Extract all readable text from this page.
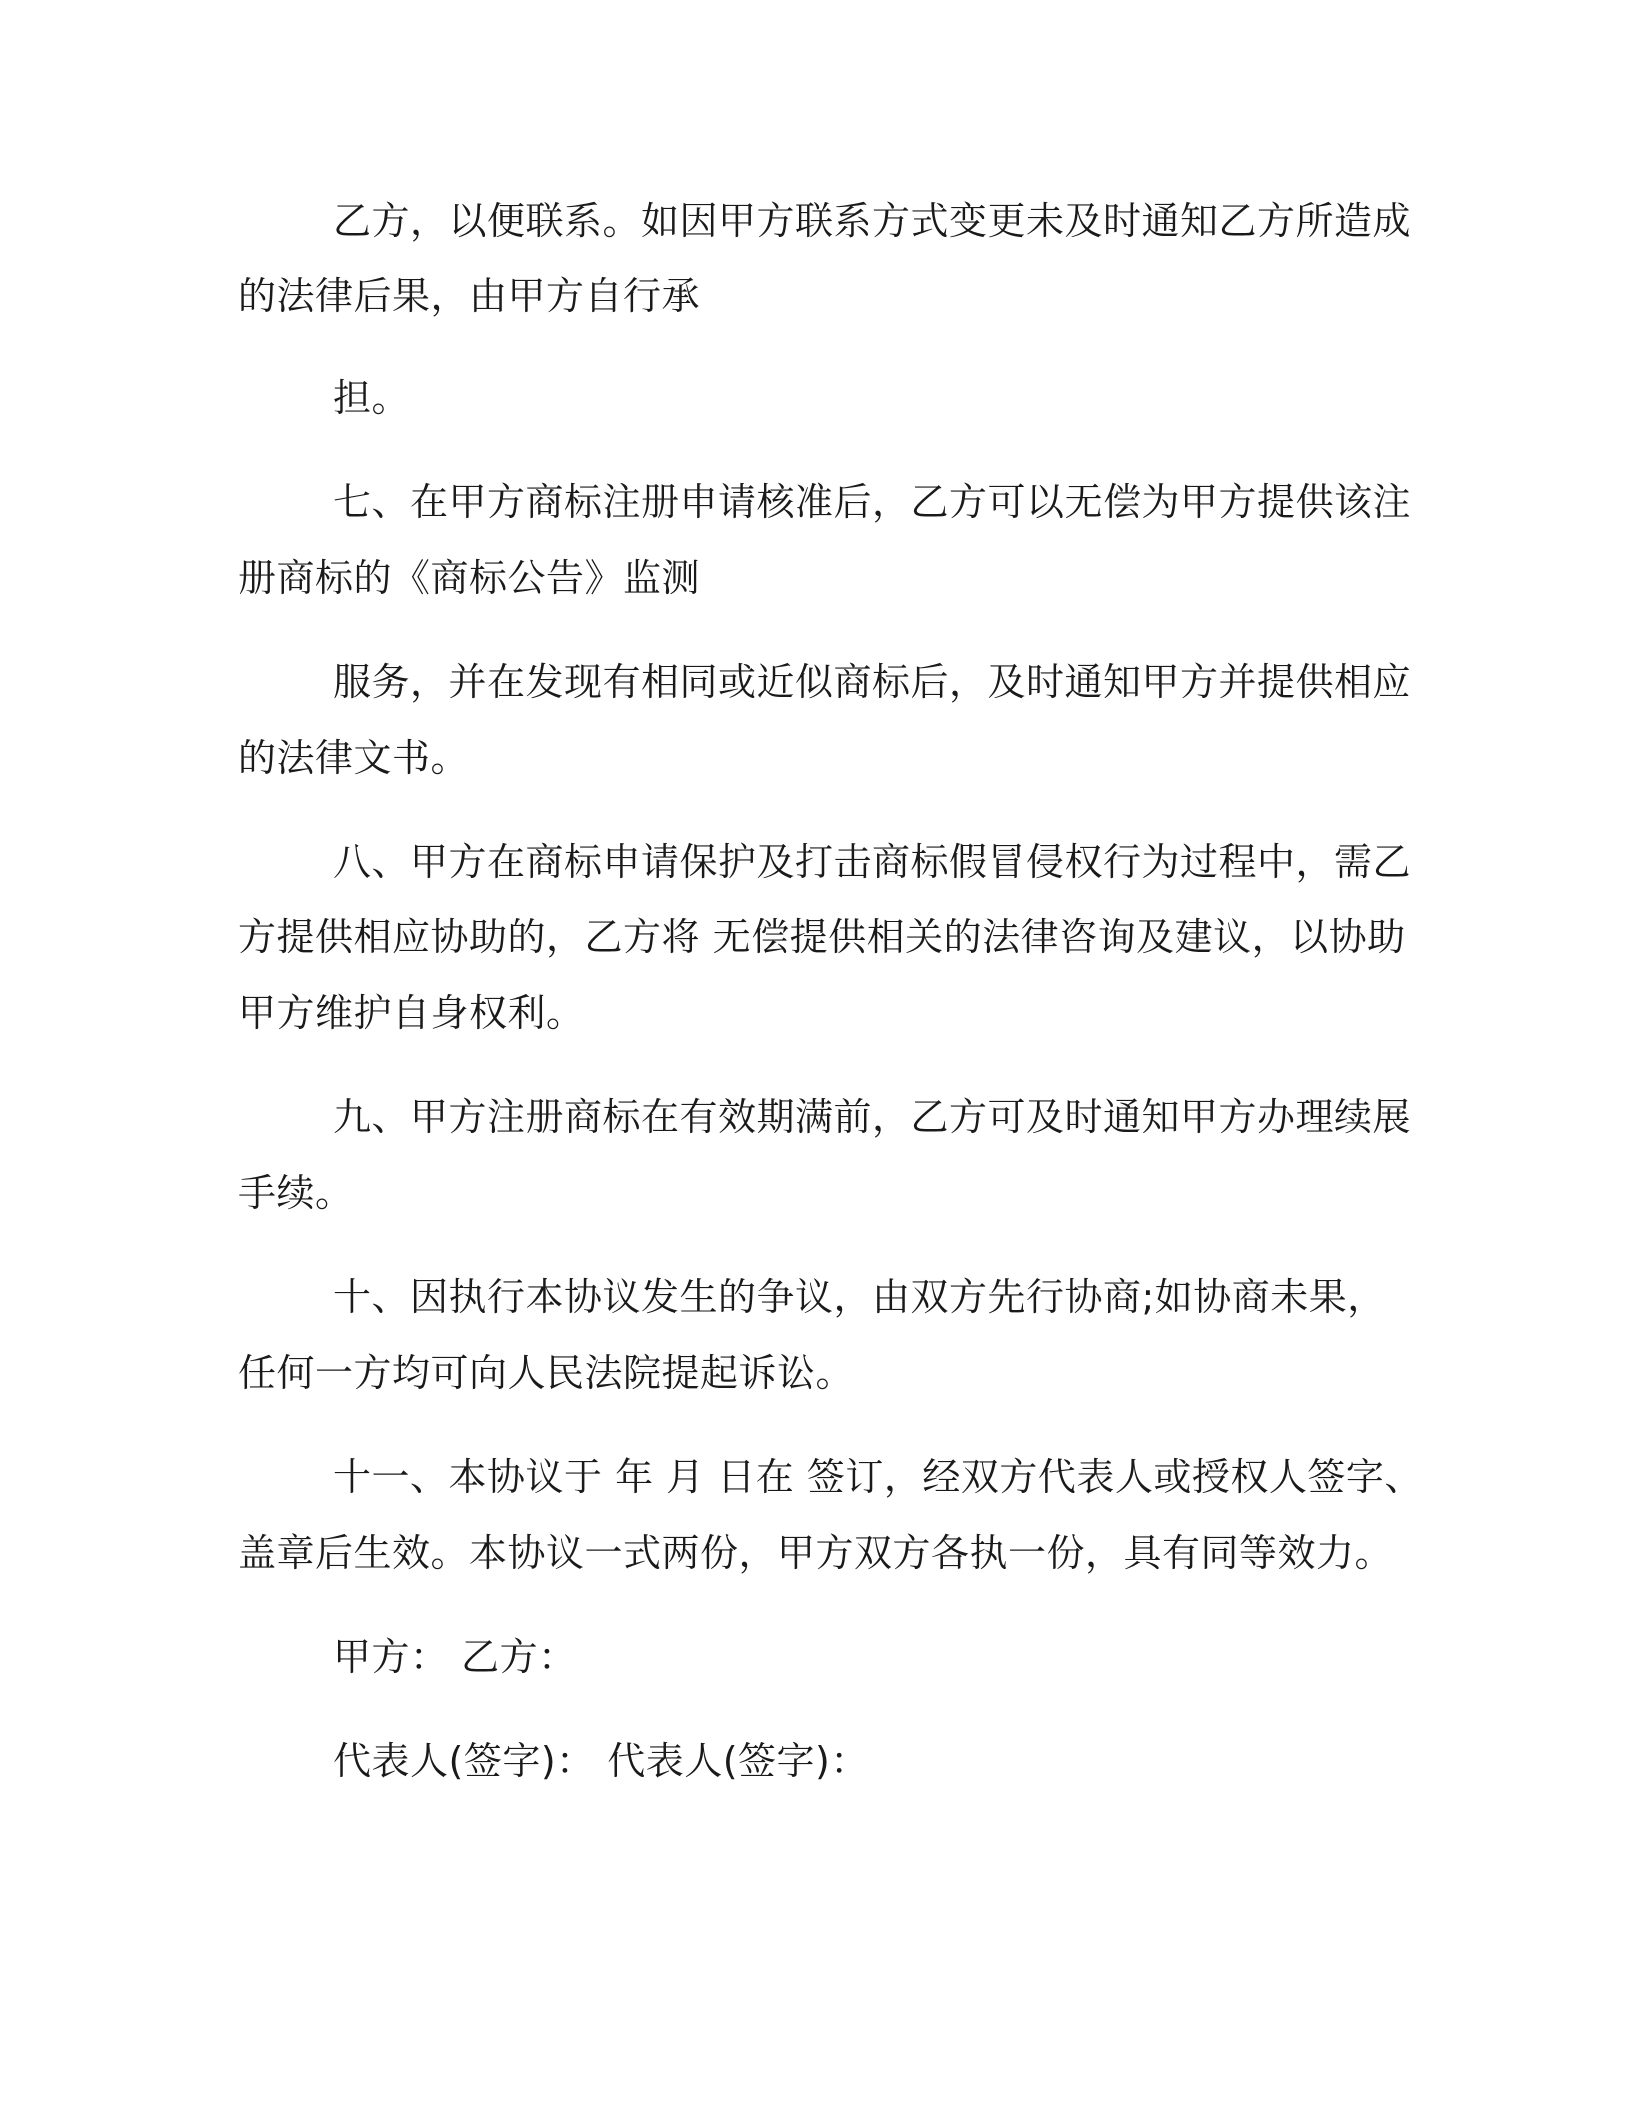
乙方，以便联系。如因甲方联系方式变更未及时通知乙方所造成
的法律后果，由甲方自行承
担。
七、在甲方商标注册申请核准后，乙方可以无偿为甲方提供该注
册商标的《商标公告》监测
服务，并在发现有相同或近似商标后，及时通知甲方并提供相应
的法律文书。
八、甲方在商标申请保护及打击商标假冒侵权行为过程中，需乙
方提供相应协助的，乙方将 无偿提供相关的法律咨询及建议，以协助
甲方维护自身权利。
九、甲方注册商标在有效期满前，乙方可及时通知甲方办理续展
手续。
十、因执行本协议发生的争议，由双方先行协商;如协商未果，
任何一方均可向人民法院提起诉讼。
十一、本协议于 年 月 日在 签订，经双方代表人或授权人签字、
盖章后生效。本协议一式两份，甲方双方各执一份，具有同等效力。
甲方： 乙方：
代表人(签字)： 代表人(签字)：
